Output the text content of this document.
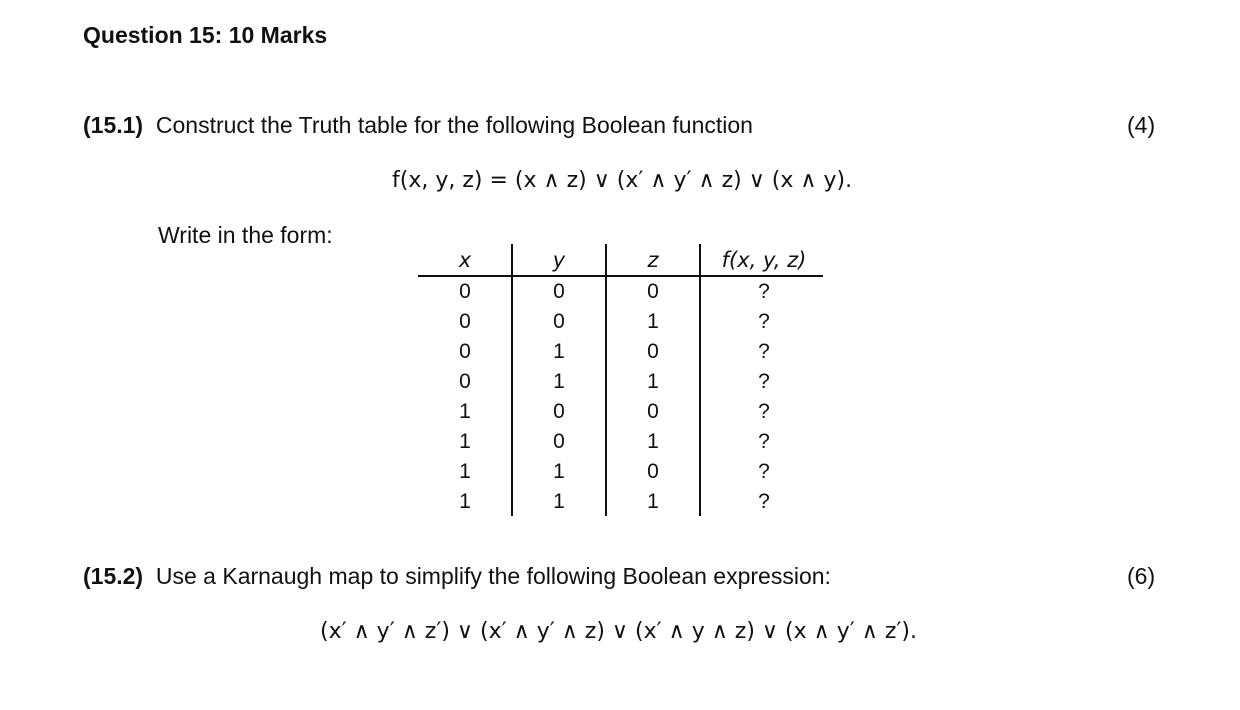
Question 15: 10 Marks
(15.1) Construct the Truth table for the following Boolean function	(4)
f(x, y, z) = (x ∧ z) ∨ (x′ ∧ y′ ∧ z) ∨ (x ∧ y).
Write in the form:
x	y	z	f(x, y, z)
0	0	0	?
0	0	1	?
0	1	0	?
0	1	1	?
1	0	0	?
1	0	1	?
1	1	0	?
1	1	1	?
(15.2) Use a Karnaugh map to simplify the following Boolean expression:	(6)
(x′ ∧ y′ ∧ z′) ∨ (x′ ∧ y′ ∧ z) ∨ (x′ ∧ y ∧ z) ∨ (x ∧ y′ ∧ z′).
